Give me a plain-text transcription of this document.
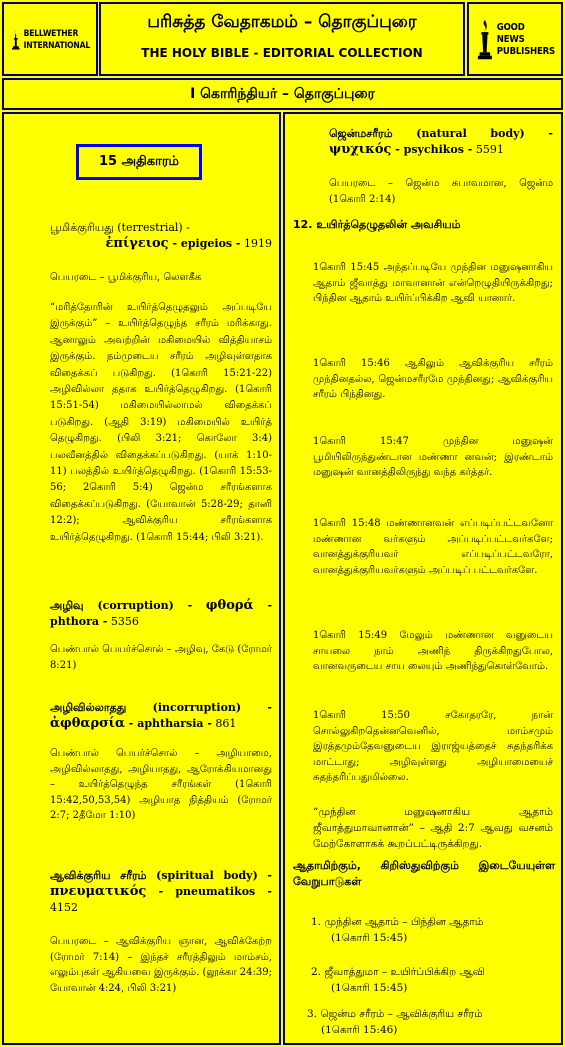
BELLWETHER
INTERNATIONAL
பரிசுத்த வேதாகமம் – தொகுப்புரை
THE HOLY BIBLE - EDITORIAL COLLECTION
GOOD NEWS
PUBLISHERS
I கொரிந்தியர் – தொகுப்புரை
15 அதிகாரம்
பூமிக்குரியது (terrestrial) -

ἐπίγειος - epigeios - 1919
பெயரடை – பூமிக்குரிய, லௌகீக
“மரித்தோரின் உயிர்த்தெழுதலும் அப்படியே இருக்கும்” – உயிர்த்தெழுந்த சரீரம் மரிக்காது. ஆனாலும் அவற்றின் மகிமையில் வித்தியாசம் இருக்கும். நம்முடைய சரீரம் அழிவுள்ளதாக விதைக்கப் படுகிறது. (1கொரி 15:21-22) அழிவில்லா ததாக உயிர்த்தெழுகிறது. (1கொரி 15:51-54) மகிமையில்லாமல் விதைக்கப் படுகிறது. (ஆதி 3:19) மகிமையில் உயிர்த் தெழுகிறது. (பிலி 3:21; கொலோ 3:4) பலவீனத்தில் விதைக்கப்படுகிறது. (யாக் 1:10-11) பலத்தில் உயிர்த்தெழுகிறது. (1கொரி 15:53-56; 2கொரி 5:4) ஜென்ம சரீரங்களாக விதைக்கப்படுகிறது. (யோவான் 5:28-29; தானி 12:2); ஆவிக்குரிய சரீரங்களாக உயிர்த்தெழுகிறது. (1கொரி 15:44; பிலி 3:21).
அழிவு (corruption) - φθορά - phthora - 5356
பெண்பால் பெயர்ச்சொல் – அழிவு, கேடு (ரோமர் 8:21)
அழிவில்லாதது (incorruption) - ἀφθαρσία - aphtharsia - 861
பெண்பால் பெயர்ச்சொல் – அழியாமை, அழிவில்லாதது, அழியாதது, ஆரோக்கியமானது – உயிர்த்தெழுந்த சரீரங்கள் (1கொரி 15:42,50,53,54) அழியாத நித்தியம் (ரோமர் 2:7; 2தீமோ 1:10)
ஆவிக்குரிய சரீரம் (spiritual body) - πνευματικός - pneumatikos - 4152
பெயரடை – ஆவிக்குரிய ஞான, ஆவிக்கேற்ற (ரோமர் 7:14) – இந்தச் சரீரத்திலும் மாம்சம், எலும்புகள் ஆகியவை இருக்கும். (லூக்கா 24:39; யோவான் 4:24, பிலி 3:21)
ஜென்மசரீரம் (natural body) - ψυχικός - psychikos - 5591
பெயரடை – ஜென்ம சுபாவமான, ஜென்ம (1கொரி 2:14)
12. உயிர்த்தெழுதலின் அவசியம்
1கொரி 15:45 அந்தப்படியே முந்தின மனுஷனாகிய ஆதாம் ஜீவாத்து மாவானான் என்றெழுதியிருக்கிறது; பிந்தின ஆதாம் உயிர்ப்பிக்கிற ஆவி யானார்.
1கொரி 15:46 ஆகிலும் ஆவிக்குரிய சரீரம் முந்தினதல்ல, ஜென்மசரீரமே முந்தினது; ஆவிக்குரிய சரீரம் பிந்தினது.
1கொரி 15:47 முந்தின மனுஷன் பூமியிலிருந்துண்டான மண்ணா னவன்; இரண்டாம் மனுஷன் வானத்திலிருந்து வந்த கர்த்தர்.
1கொரி 15:48 மண்ணானவன் எப்படிப்பட்டவனோ மண்ணான வர்களும் அப்படிப்பட்டவர்களே; வானத்துக்குரியவர் எப்படிப்பட்டவரோ, வானத்துக்குரியவர்களும் அப்படிப் பட்டவர்களே.
1கொரி 15:49 மேலும் மண்ணான வனுடைய சாயலை நாம் அணிந் திருக்கிறதுபோல, வானவருடைய சாய லையும் அணிந்துகொள்வோம்.
1கொரி 15:50 சகோதரரே, நான் சொல்லுகிறதென்னவெனில், மாம்சமும் இரத்தமும்தேவனுடைய இராஜ்யத்தைச் சுதந்தரிக்க மாட்டாது; அழிவுள்ளது அழியாமையைச் சுதந்தரிப்பதுமில்லை.
“முந்தின மனுஷனாகிய ஆதாம் ஜீவாத்துமாவானான்” – ஆதி 2:7 ஆவது வசனம் மேற்கோளாகக் கூறப்பட்டிருக்கிறது.
ஆதாமிற்கும், கிறிஸ்துவிற்கும் இடையேயுள்ள வேறுபாடுகள்
1. முந்தின ஆதாம் – பிந்தின ஆதாம்
(1கொரி 15:45)
2. ஜீவாத்துமா – உயிர்ப்பிக்கிற ஆவி
(1கொரி 15:45)
3. ஜென்ம சரீரம் – ஆவிக்குரிய சரீரம்
(1கொரி 15:46)
